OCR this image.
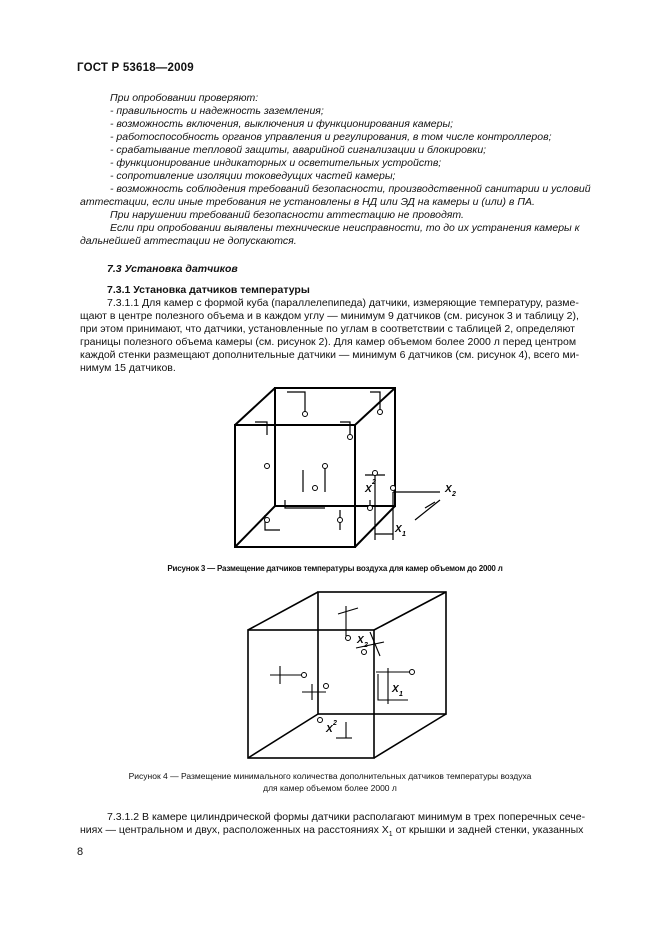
ГОСТ Р 53618—2009
При опробовании проверяют:
- правильность и надежность заземления;
- возможность включения, выключения и функционирования камеры;
- работоспособность органов управления и регулирования, в том числе контроллеров;
- срабатывание тепловой защиты, аварийной сигнализации и блокировки;
- функционирование индикаторных и осветительных устройств;
- сопротивление изоляции токоведущих частей камеры;
- возможность соблюдения требований безопасности, производственной санитарии и условий
аттестации, если иные требования не установлены в НД или ЭД на камеры и (или) в ПА.
При нарушении требований безопасности аттестацию не проводят.
Если при опробовании выявлены технические неисправности, то до их устранения камеры к
дальнейшей аттестации не допускаются.
7.3 Установка датчиков
7.3.1 Установка датчиков температуры
7.3.1.1 Для камер с формой куба (параллелепипеда) датчики, измеряющие температуру, разме-
щают в центре полезного объема и в каждом углу — минимум 9 датчиков (см. рисунок 3 и таблицу 2),
при этом принимают, что датчики, установленные по углам в соответствии с таблицей 2, определяют
границы полезного объема камеры (см. рисунок 2). Для камер объемом более 2000 л перед центром
каждой стенки размещают дополнительные датчики — минимум 6 датчиков (см. рисунок 4), всего ми-
нимум 15 датчиков.
X
2
X 1
X 2
Рисунок 3 — Размещение датчиков температуры воздуха для камер объемом до 2000 л
X 2
X 1
X
2
Рисунок 4 — Размещение минимального количества дополнительных датчиков температуры воздуха
для камер объемом более 2000 л
7.3.1.2 В камере цилиндрической формы датчики располагают минимум в трех поперечных сече-
ниях — центральном и двух, расположенных на расстояниях $X_1$ от крышки и задней стенки, указанных
8
